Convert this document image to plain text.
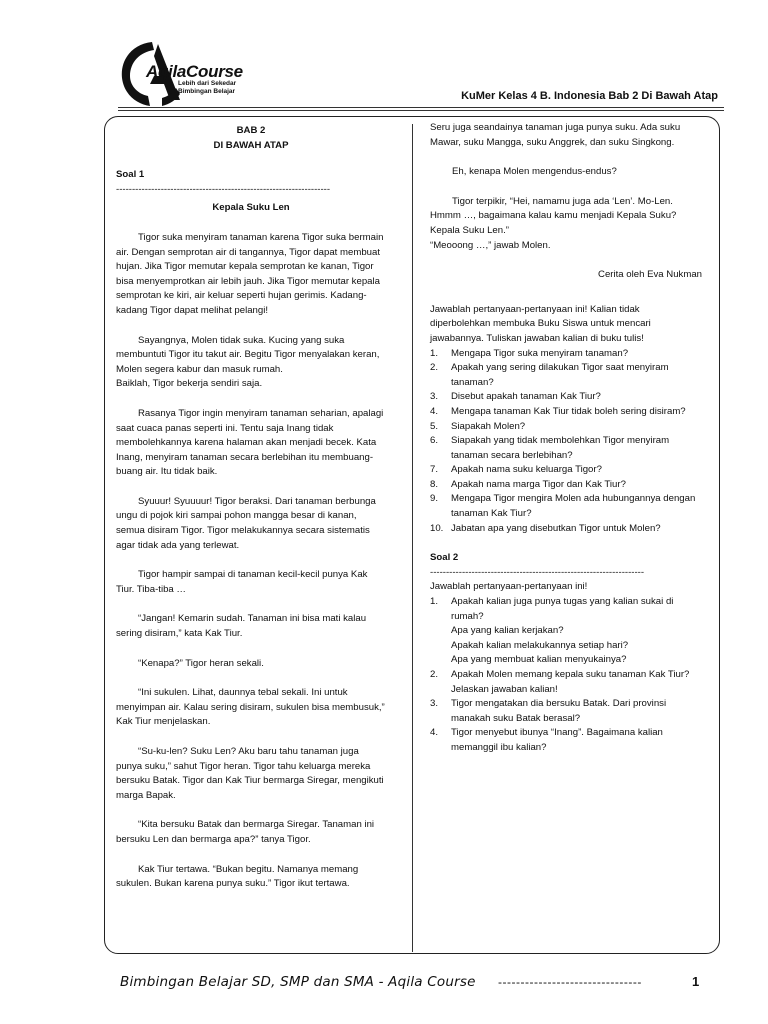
AqilaCourse
Lebih dari Sekedar
Bimbingan Belajar	KuMer Kelas 4 B. Indonesia Bab 2 Di Bawah Atap

BAB 2

DI BAWAH ATAP

Soal 1

-------------------------------------------------------------------

Kepala Suku Len

Tigor suka menyiram tanaman karena Tigor suka bermain air. Dengan semprotan air di tangannya, Tigor dapat membuat hujan. Jika Tigor memutar kepala semprotan ke kanan, Tigor bisa menyemprotkan air lebih jauh. Jika Tigor memutar kepala semprotan ke kiri, air keluar seperti hujan gerimis. Kadang-kadang Tigor dapat melihat pelangi!

Sayangnya, Molen tidak suka. Kucing yang suka membuntuti Tigor itu takut air. Begitu Tigor menyalakan keran, Molen segera kabur dan masuk rumah.

Baiklah, Tigor bekerja sendiri saja.

Rasanya Tigor ingin menyiram tanaman seharian, apalagi saat cuaca panas seperti ini. Tentu saja Inang tidak membolehkannya karena halaman akan menjadi becek. Kata Inang, menyiram tanaman secara berlebihan itu membuang-buang air. Itu tidak baik.

Syuuur! Syuuuur! Tigor beraksi. Dari tanaman berbunga

ungu di pojok kiri sampai pohon mangga besar di kanan, semua disiram Tigor. Tigor melakukannya secara sistematis agar tidak ada yang terlewat.

Tigor hampir sampai di tanaman kecil-kecil punya Kak Tiur. Tiba-tiba …

“Jangan! Kemarin sudah. Tanaman ini bisa mati kalau sering disiram,” kata Kak Tiur.

“Kenapa?” Tigor heran sekali.

“Ini sukulen. Lihat, daunnya tebal sekali. Ini untuk menyimpan air. Kalau sering disiram, sukulen bisa membusuk,” Kak Tiur menjelaskan.

“Su-ku-len? Suku Len? Aku baru tahu tanaman juga punya suku,” sahut Tigor heran. Tigor tahu keluarga mereka bersuku Batak. Tigor dan Kak Tiur bermarga Siregar, mengikuti marga Bapak.

“Kita bersuku Batak dan bermarga Siregar. Tanaman ini bersuku Len dan bermarga apa?” tanya Tigor.

Kak Tiur tertawa. “Bukan begitu. Namanya memang sukulen. Bukan karena punya suku.” Tigor ikut tertawa.

Seru juga seandainya tanaman juga punya suku. Ada suku Mawar, suku Mangga, suku Anggrek, dan suku Singkong.

Eh, kenapa Molen mengendus-endus?

Tigor terpikir, “Hei, namamu juga ada ‘Len’. Mo-Len. Hmmm …, bagaimana kalau kamu menjadi Kepala Suku? Kepala Suku Len.”

“Meooong …,” jawab Molen.

Cerita oleh Eva Nukman

Jawablah pertanyaan-pertanyaan ini! Kalian tidak diperbolehkan membuka Buku Siswa untuk mencari jawabannya. Tuliskan jawaban kalian di buku tulis!

1. Mengapa Tigor suka menyiram tanaman?
2. Apakah yang sering dilakukan Tigor saat menyiram tanaman?
3. Disebut apakah tanaman Kak Tiur?
4. Mengapa tanaman Kak Tiur tidak boleh sering disiram?
5. Siapakah Molen?
6. Siapakah yang tidak membolehkan Tigor menyiram tanaman secara berlebihan?
7. Apakah nama suku keluarga Tigor?
8. Apakah nama marga Tigor dan Kak Tiur?
9. Mengapa Tigor mengira Molen ada hubungannya dengan tanaman Kak Tiur?
10. Jabatan apa yang disebutkan Tigor untuk Molen?

Soal 2

-------------------------------------------------------------------

Jawablah pertanyaan-pertanyaan ini!

1. Apakah kalian juga punya tugas yang kalian sukai di rumah?
Apa yang kalian kerjakan?
Apakah kalian melakukannya setiap hari?
Apa yang membuat kalian menyukainya?
2. Apakah Molen memang kepala suku tanaman Kak Tiur? Jelaskan jawaban kalian!
3. Tigor mengatakan dia bersuku Batak. Dari provinsi manakah suku Batak berasal?
4. Tigor menyebut ibunya “Inang”. Bagaimana kalian memanggil ibu kalian?
Bimbingan Belajar SD, SMP dan SMA - Aqila Course --------------------------------	1
